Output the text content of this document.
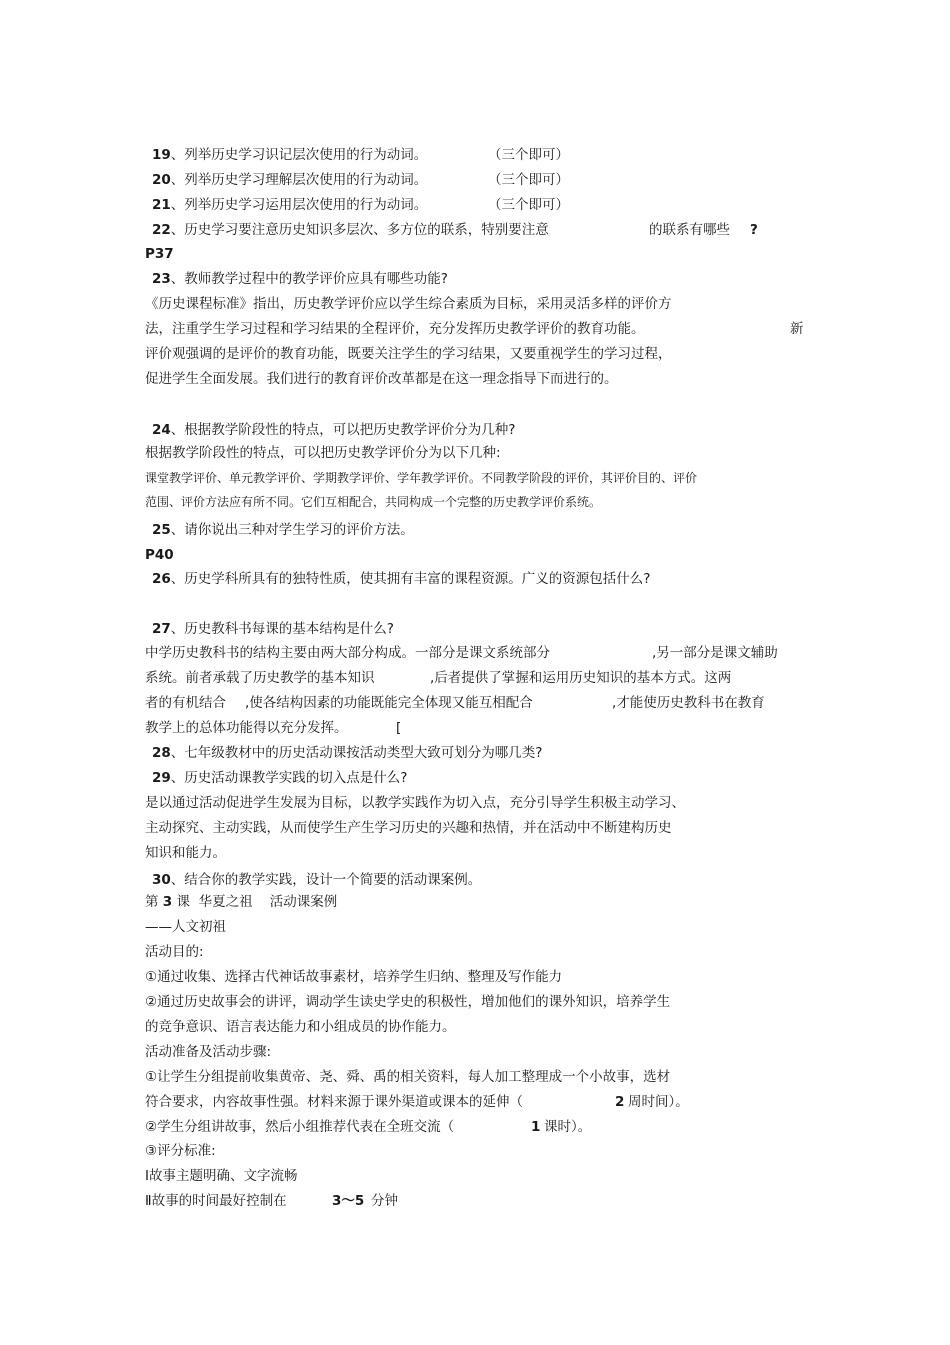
19、列举历史学习识记层次使用的行为动词。	（三个即可）
20、列举历史学习理解层次使用的行为动词。	（三个即可）
21、列举历史学习运用层次使用的行为动词。	（三个即可）
22、历史学习要注意历史知识多层次、多方位的联系，特别要注意	的联系有哪些 ?
P37
23、教师教学过程中的教学评价应具有哪些功能?
《历史课程标准》指出，历史教学评价应以学生综合素质为目标，采用灵活多样的评价方
法，注重学生学习过程和学习结果的全程评价，充分发挥历史教学评价的教育功能。	新
评价观强调的是评价的教育功能，既要关注学生的学习结果，又要重视学生的学习过程，
促进学生全面发展。我们进行的教育评价改革都是在这一理念指导下而进行的。
24、根据教学阶段性的特点，可以把历史教学评价分为几种?
根据教学阶段性的特点，可以把历史教学评价分为以下几种:
课堂教学评价、单元教学评价、学期教学评价、学年教学评价。不同教学阶段的评价，其评价目的、评价
范围、评价方法应有所不同。它们互相配合，共同构成一个完整的历史教学评价系统。
25、请你说出三种对学生学习的评价方法。
P40
26、历史学科所具有的独特性质，使其拥有丰富的课程资源。广义的资源包括什么?
27、历史教科书每课的基本结构是什么?
中学历史教科书的结构主要由两大部分构成。一部分是课文系统部分	,另一部分是课文辅助
系统。前者承载了历史教学的基本知识	,后者提供了掌握和运用历史知识的基本方式。这两
者的有机结合 ,使各结构因素的功能既能完全体现又能互相配合	,才能使历史教科书在教育
教学上的总体功能得以充分发挥。	[
28、七年级教材中的历史活动课按活动类型大致可划分为哪几类?
29、历史活动课教学实践的切入点是什么?
是以通过活动促进学生发展为目标，以教学实践作为切入点，充分引导学生积极主动学习、
主动探究、主动实践，从而使学生产生学习历史的兴趣和热情，并在活动中不断建构历史
知识和能力。
30、结合你的教学实践，设计一个简要的活动课案例。
第 3 课  华夏之祖    活动课案例
——人文初祖
活动目的:
①通过收集、选择古代神话故事素材，培养学生归纳、整理及写作能力
②通过历史故事会的讲评，调动学生读史学史的积极性，增加他们的课外知识，培养学生
的竞争意识、语言表达能力和小组成员的协作能力。
活动准备及活动步骤:
①让学生分组提前收集黄帝、尧、舜、禹的相关资料，每人加工整理成一个小故事，选材
符合要求，内容故事性强。材料来源于课外渠道或课本的延伸（	2 周时间）。
②学生分组讲故事，然后小组推荐代表在全班交流（	1 课时）。
③评分标准:
Ⅰ故事主题明确、文字流畅
Ⅱ故事的时间最好控制在	3～5 分钟
